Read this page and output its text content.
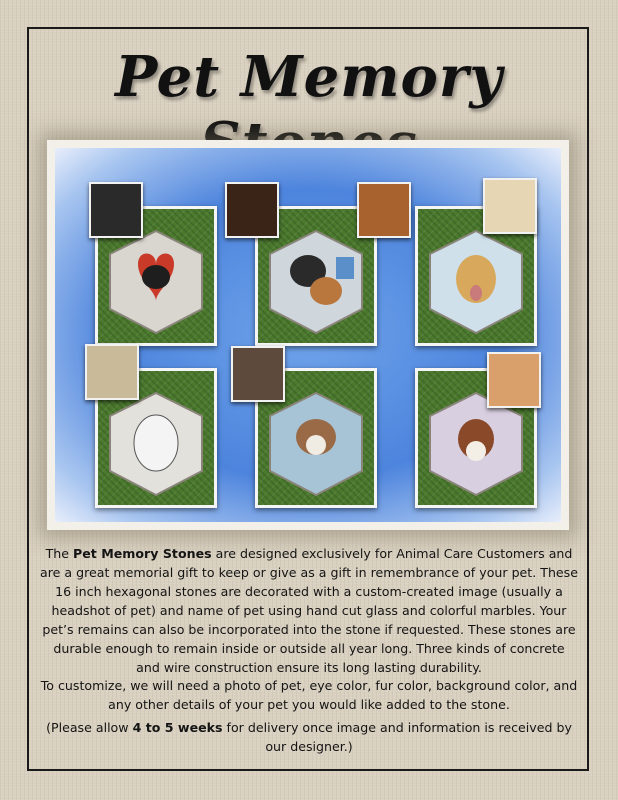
Pet Memory
The Pet Memory Stones are designed exclusively for Animal Care Customers and are a great memorial gift to keep or give as a gift in remembrance of your pet. These 16 inch hexagonal stones are decorated with a custom-created image (usually a headshot of pet) and name of pet using hand cut glass and colorful marbles. Your pet’s remains can also be incorporated into the stone if requested. These stones are durable enough to remain inside or outside all year long. Three kinds of concrete and wire construction ensure its long lasting durability.
To customize, we will need a photo of pet, eye color, fur color, background color, and any other details of your pet you would like added to the stone.
(Please allow 4 to 5 weeks for delivery once image and information is received by our designer.)
